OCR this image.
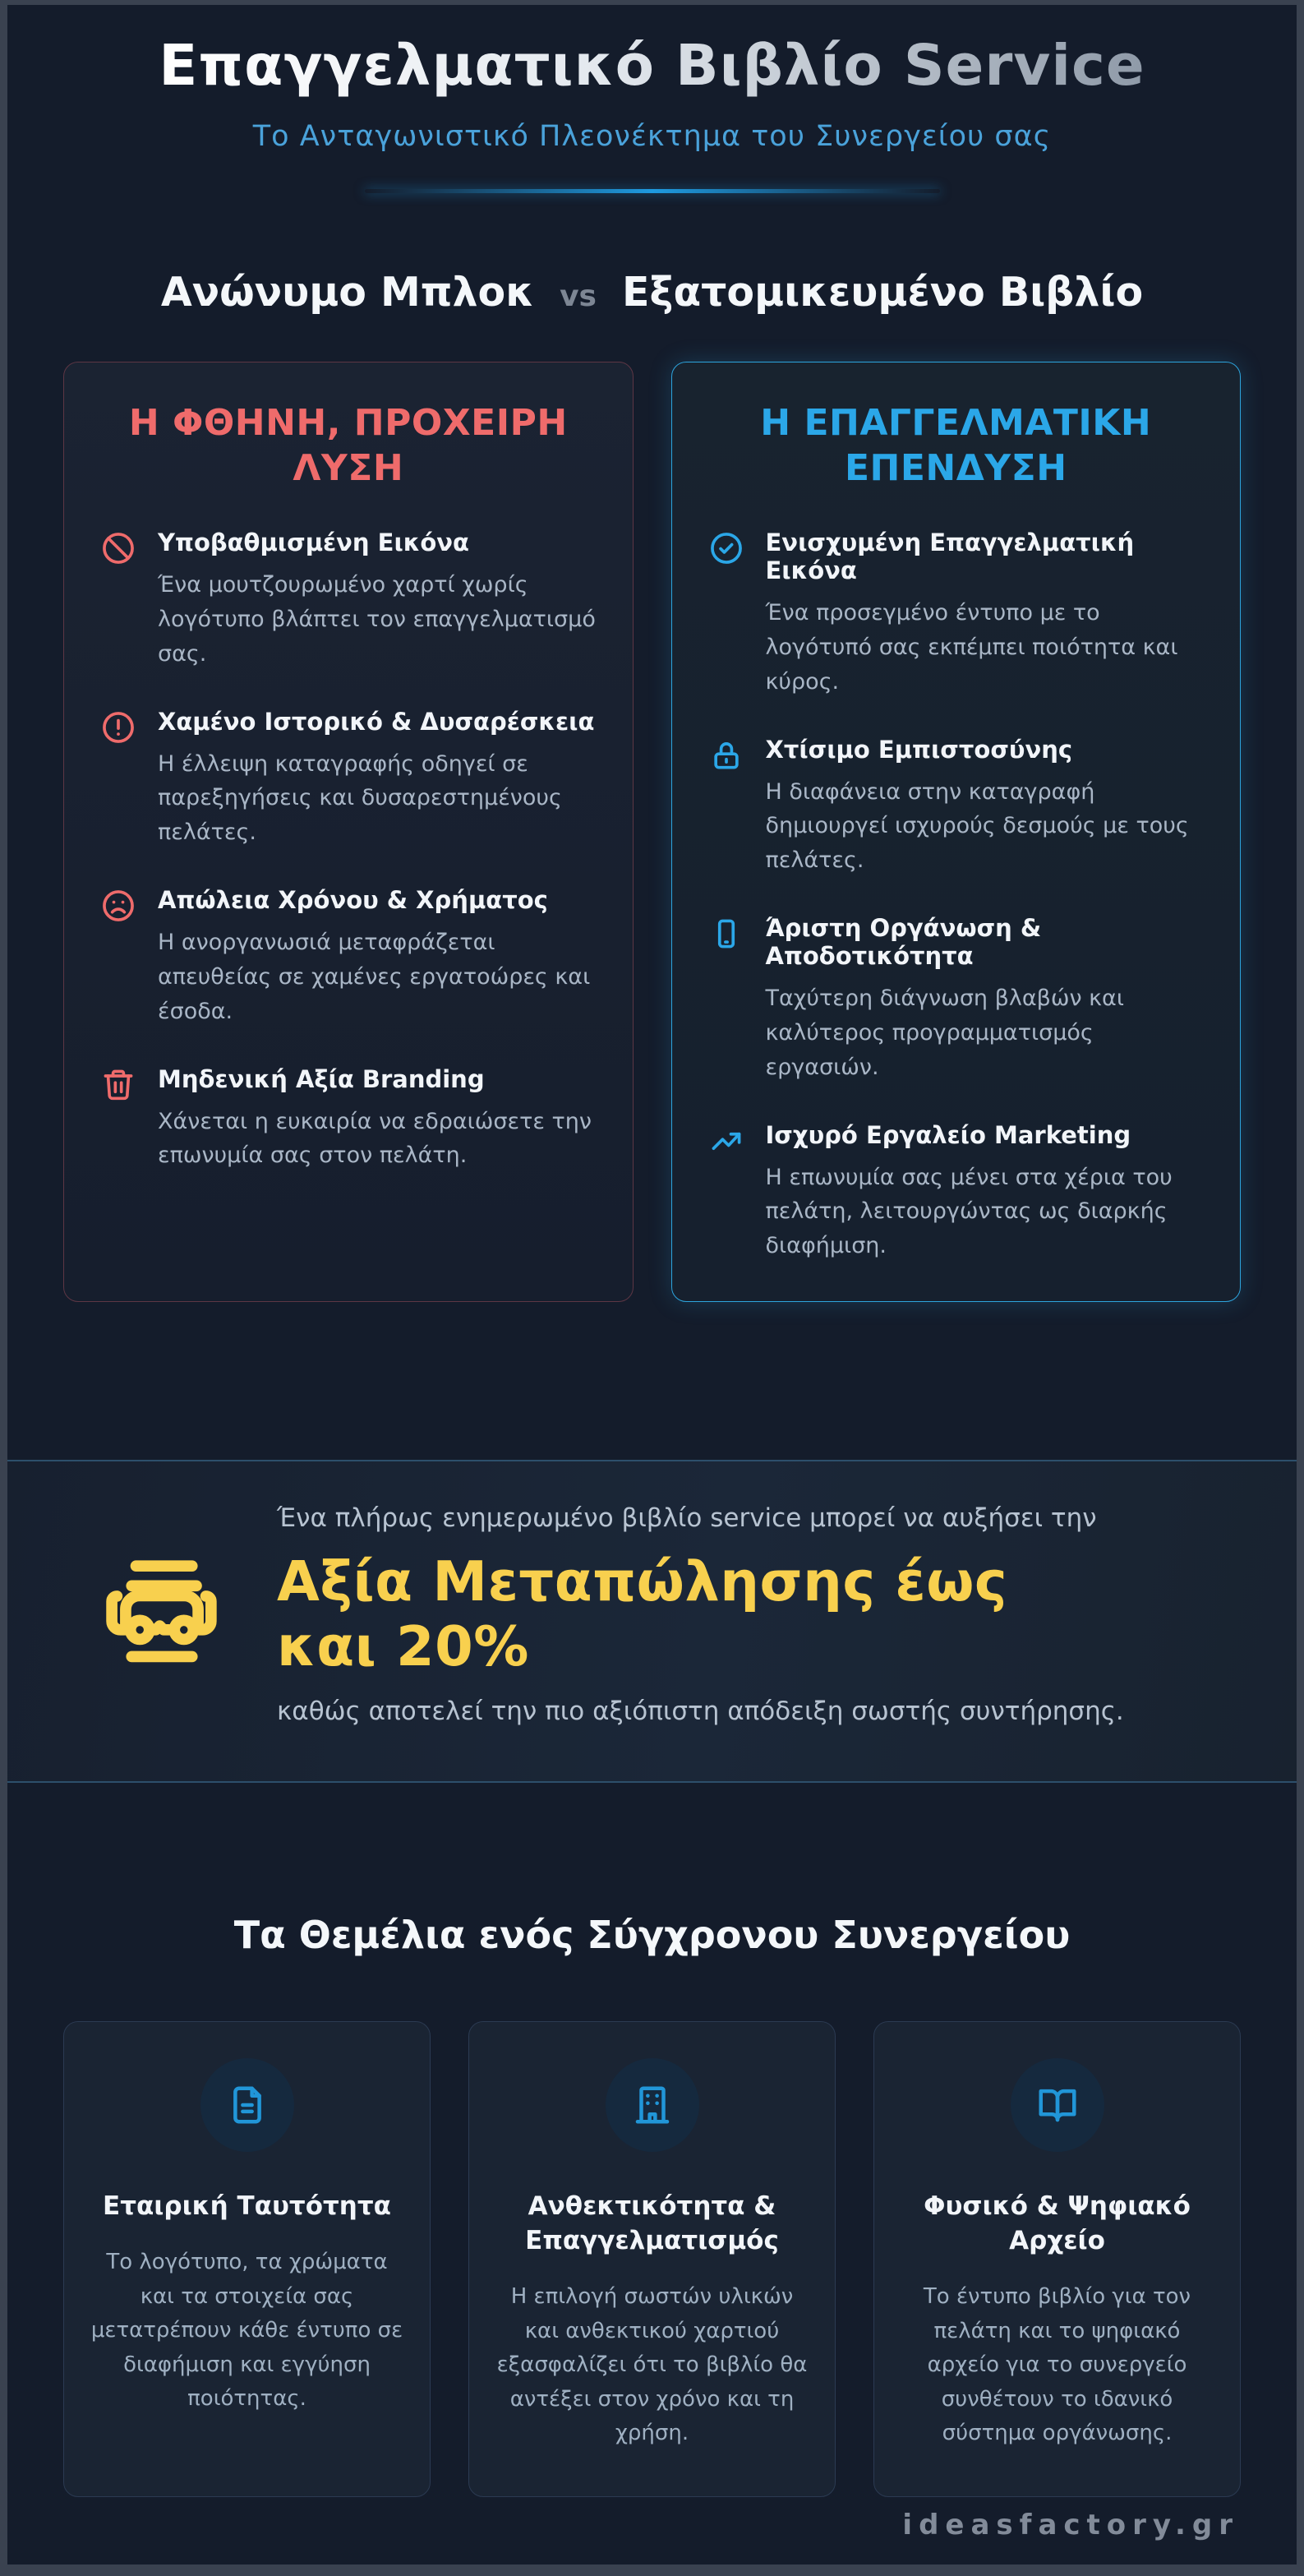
Επαγγελματικό Βιβλίο Service
Το Ανταγωνιστικό Πλεονέκτημα του Συνεργείου σας
Ανώνυμο Μπλοκ vs Εξατομικευμένο Βιβλίο
Η ΦΘΗΝΗ, ΠΡΟΧΕΙΡΗ ΛΥΣΗ
Υποβαθμισμένη Εικόνα
Ένα μουτζουρωμένο χαρτί χωρίς λογότυπο βλάπτει τον επαγγελματισμό σας.
Χαμένο Ιστορικό & Δυσαρέσκεια
Η έλλειψη καταγραφής οδηγεί σε παρεξηγήσεις και δυσαρεστημένους πελάτες.
Απώλεια Χρόνου & Χρήματος
Η ανοργανωσιά μεταφράζεται απευθείας σε χαμένες εργατοώρες και έσοδα.
Μηδενική Αξία Branding
Χάνεται η ευκαιρία να εδραιώσετε την επωνυμία σας στον πελάτη.
Η ΕΠΑΓΓΕΛΜΑΤΙΚΗ ΕΠΕΝΔΥΣΗ
Ενισχυμένη Επαγγελματική Εικόνα
Ένα προσεγμένο έντυπο με το λογότυπό σας εκπέμπει ποιότητα και κύρος.
Χτίσιμο Εμπιστοσύνης
Η διαφάνεια στην καταγραφή δημιουργεί ισχυρούς δεσμούς με τους πελάτες.
Άριστη Οργάνωση & Αποδοτικότητα
Ταχύτερη διάγνωση βλαβών και καλύτερος προγραμματισμός εργασιών.
Ισχυρό Εργαλείο Marketing
Η επωνυμία σας μένει στα χέρια του πελάτη, λειτουργώντας ως διαρκής διαφήμιση.
Ένα πλήρως ενημερωμένο βιβλίο service μπορεί να αυξήσει την
Αξία Μεταπώλησης έως
και 20%
καθώς αποτελεί την πιο αξιόπιστη απόδειξη σωστής συντήρησης.
Τα Θεμέλια ενός Σύγχρονου Συνεργείου
Εταιρική Ταυτότητα
Το λογότυπο, τα χρώματα και τα στοιχεία σας μετατρέπουν κάθε έντυπο σε διαφήμιση και εγγύηση ποιότητας.
Ανθεκτικότητα & Επαγγελματισμός
Η επιλογή σωστών υλικών και ανθεκτικού χαρτιού εξασφαλίζει ότι το βιβλίο θα αντέξει στον χρόνο και τη χρήση.
Φυσικό & Ψηφιακό Αρχείο
Το έντυπο βιβλίο για τον πελάτη και το ψηφιακό αρχείο για το συνεργείο συνθέτουν το ιδανικό σύστημα οργάνωσης.
ideasfactory.gr
